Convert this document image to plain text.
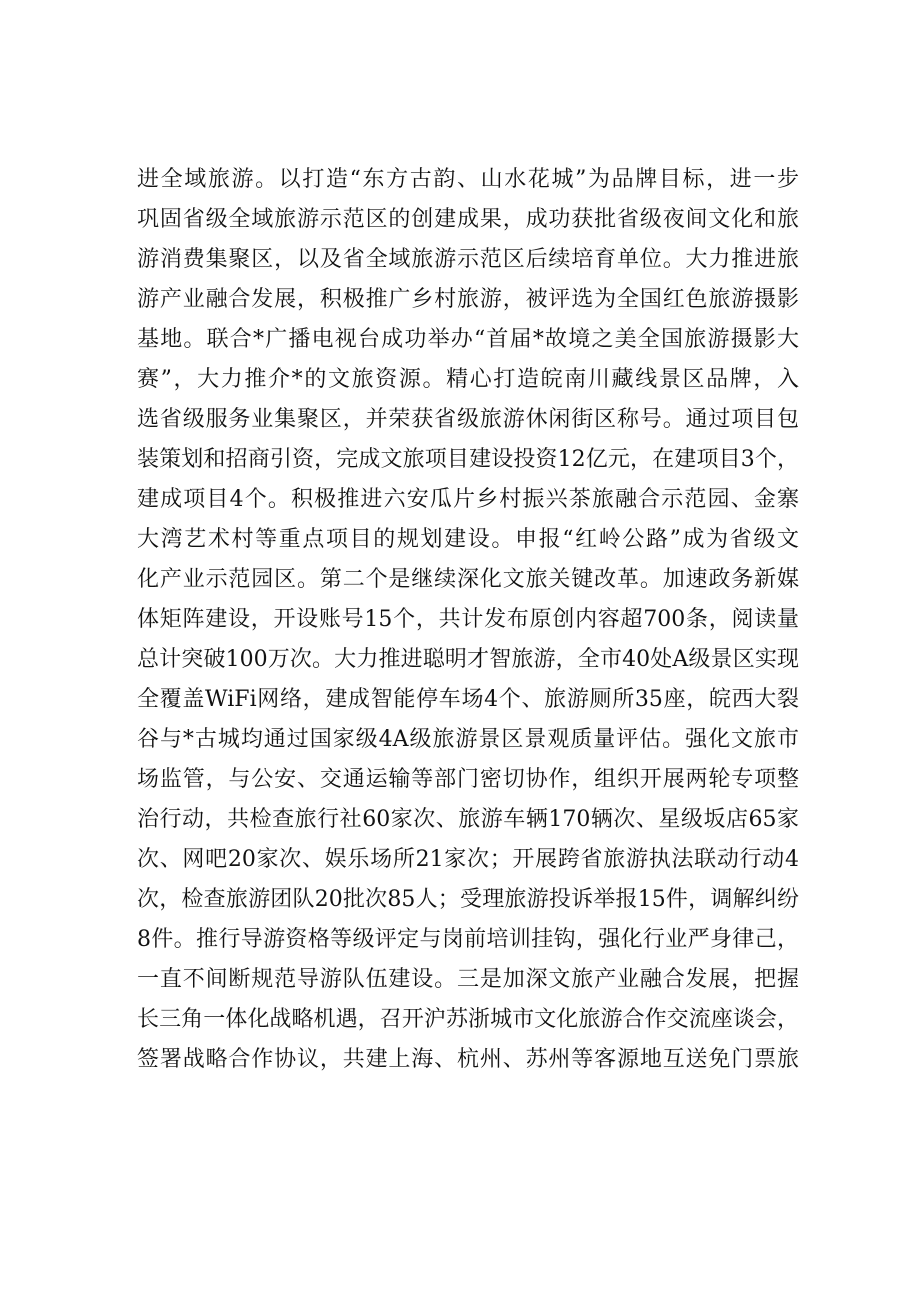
进全域旅游。以打造“东方古韵、山水花城”为品牌目标，进一步
巩固省级全域旅游示范区的创建成果，成功获批省级夜间文化和旅
游消费集聚区，以及省全域旅游示范区后续培育单位。大力推进旅
游产业融合发展，积极推广乡村旅游，被评选为全国红色旅游摄影
基地。联合*广播电视台成功举办“首届*故境之美全国旅游摄影大
赛”，大力推介*的文旅资源。精心打造皖南川藏线景区品牌，入
选省级服务业集聚区，并荣获省级旅游休闲街区称号。通过项目包
装策划和招商引资，完成文旅项目建设投资12亿元，在建项目3个，
建成项目4个。积极推进六安瓜片乡村振兴茶旅融合示范园、金寨
大湾艺术村等重点项目的规划建设。申报“红岭公路”成为省级文
化产业示范园区。第二个是继续深化文旅关键改革。加速政务新媒
体矩阵建设，开设账号15个，共计发布原创内容超700条，阅读量
总计突破100万次。大力推进聪明才智旅游，全市40处A级景区实现
全覆盖WiFi网络，建成智能停车场4个、旅游厕所35座，皖西大裂
谷与*古城均通过国家级4A级旅游景区景观质量评估。强化文旅市
场监管，与公安、交通运输等部门密切协作，组织开展两轮专项整
治行动，共检查旅行社60家次、旅游车辆170辆次、星级坂店65家
次、网吧20家次、娱乐场所21家次；开展跨省旅游执法联动行动4
次，检查旅游团队20批次85人；受理旅游投诉举报15件，调解纠纷
8件。推行导游资格等级评定与岗前培训挂钩，强化行业严身律己，
一直不间断规范导游队伍建设。三是加深文旅产业融合发展，把握
长三角一体化战略机遇，召开沪苏浙城市文化旅游合作交流座谈会，
签署战略合作协议，共建上海、杭州、苏州等客源地互送免门票旅
